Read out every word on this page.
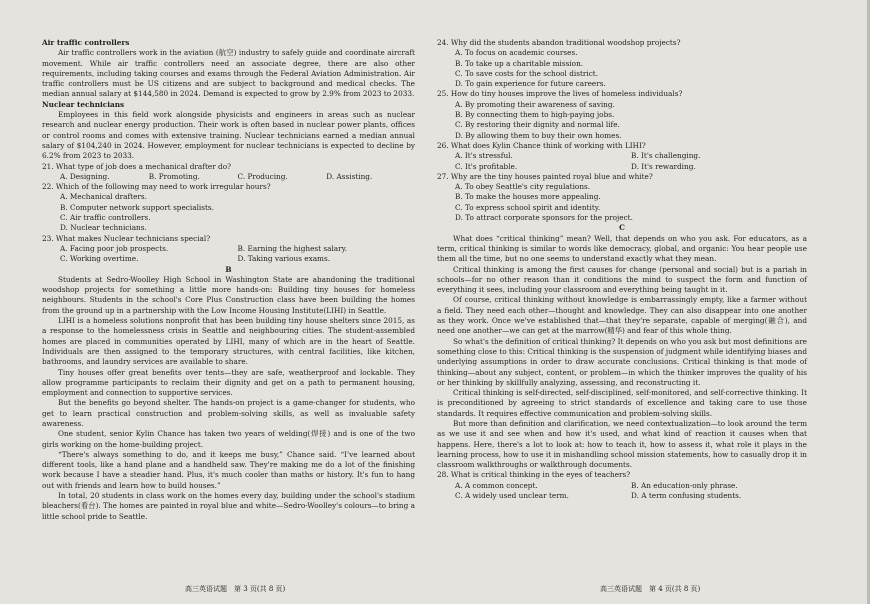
Air traffic controllers

Air traffic controllers work in the aviation (航空) industry to safely guide and coordinate aircraft movement. While air traffic controllers need an associate degree, there are also other requirements, including taking courses and exams through the Federal Aviation Administration. Air traffic controllers must be US citizens and are subject to background and medical checks. The median annual salary at $144,580 in 2024. Demand is expected to grow by 2.9% from 2023 to 2033.

Nuclear technicians

Employees in this field work alongside physicists and engineers in areas such as nuclear research and nuclear energy production. Their work is often based in nuclear power plants, offices or control rooms and comes with extensive training. Nuclear technicians earned a median annual salary of $104,240 in 2024. However, employment for nuclear technicians is expected to decline by 6.2% from 2023 to 2033.

21. What type of job does a mechanical drafter do?

A. Designing.	B. Promoting.	C. Producing.	D. Assisting.

22. Which of the following may need to work irregular hours?

A. Mechanical drafters.

B. Computer network support specialists.

C. Air traffic controllers.

D. Nuclear technicians.

23. What makes Nuclear technicians special?

A. Facing poor job prospects.	B. Earning the highest salary.
C. Working overtime.	D. Taking various exams.

B

Students at Sedro-Woolley High School in Washington State are abandoning the traditional woodshop projects for something a little more hands-on: Building tiny houses for homeless neighbours. Students in the school's Core Plus Construction class have been building the homes from the ground up in a partnership with the Low Income Housing Institute(LIHI) in Seattle.

LIHI is a homeless solutions nonprofit that has been building tiny house shelters since 2015, as a response to the homelessness crisis in Seattle and neighbouring cities. The student-assembled homes are placed in communities operated by LIHI, many of which are in the heart of Seattle. Individuals are then assigned to the temporary structures, with central facilities, like kitchen, bathrooms, and laundry services are available to share.

Tiny houses offer great benefits over tents—they are safe, weatherproof and lockable. They allow programme participants to reclaim their dignity and get on a path to permanent housing, employment and connection to supportive services.

But the benefits go beyond shelter. The hands-on project is a game-changer for students, who get to learn practical construction and problem-solving skills, as well as invaluable safety awareness.

One student, senior Kylin Chance has taken two years of welding(焊接) and is one of the two girls working on the home-building project.

“There's always something to do, and it keeps me busy,” Chance said. “I've learned about different tools, like a hand plane and a handheld saw. They're making me do a lot of the finishing work because I have a steadier hand. Plus, it's much cooler than maths or history. It's fun to hang out with friends and learn how to build houses.”

In total, 20 students in class work on the homes every day, building under the school's stadium bleachers(看台). The homes are painted in royal blue and white—Sedro-Woolley's colours—to bring a little school pride to Seattle.

24. Why did the students abandon traditional woodshop projects?

A. To focus on academic courses.

B. To take up a charitable mission.

C. To save costs for the school district.

D. To gain experience for future careers.

25. How do tiny houses improve the lives of homeless individuals?

A. By promoting their awareness of saving.

B. By connecting them to high-paying jobs.

C. By restoring their dignity and normal life.

D. By allowing them to buy their own homes.

26. What does Kylin Chance think of working with LIHI?

A. It's stressful.	B. It's challenging.
C. It's profitable.	D. It's rewarding.

27. Why are the tiny houses painted royal blue and white?

A. To obey Seattle's city regulations.

B. To make the houses more appealing.

C. To express school spirit and identity.

D. To attract corporate sponsors for the project.

C

What does “critical thinking” mean? Well, that depends on who you ask. For educators, as a term, critical thinking is similar to words like democracy, global, and organic: You hear people use them all the time, but no one seems to understand exactly what they mean.

Critical thinking is among the first causes for change (personal and social) but is a pariah in schools—for no other reason than it conditions the mind to suspect the form and function of everything it sees, including your classroom and everything being taught in it.

Of course, critical thinking without knowledge is embarrassingly empty, like a farmer without a field. They need each other—thought and knowledge. They can also disappear into one another as they work. Once we've established that—that they're separate, capable of merging(融合), and need one another—we can get at the marrow(精华) and fear of this whole thing.

So what's the definition of critical thinking? It depends on who you ask but most definitions are something close to this: Critical thinking is the suspension of judgment while identifying biases and underlying assumptions in order to draw accurate conclusions. Critical thinking is that mode of thinking—about any subject, content, or problem—in which the thinker improves the quality of his or her thinking by skillfully analyzing, assessing, and reconstructing it.

Critical thinking is self-directed, self-disciplined, self-monitored, and self-corrective thinking. It is preconditioned by agreeing to strict standards of excellence and taking care to use those standards. It requires effective communication and problem-solving skills.

But more than definition and clarification, we need contextualization—to look around the term as we use it and see when and how it's used, and what kind of reaction it causes when that happens. Here, there's a lot to look at: how to teach it, how to assess it, what role it plays in the learning process, how to use it in mishandling school mission statements, how to casually drop it in classroom walkthroughs or walkthrough documents.

28. What is critical thinking in the eyes of teachers?

A. A common concept.	B. An education-only phrase.
C. A widely used unclear term.	D. A term confusing students.
高三英语试题　第 3 页(共 8 页)	高三英语试题　第 4 页(共 8 页)
